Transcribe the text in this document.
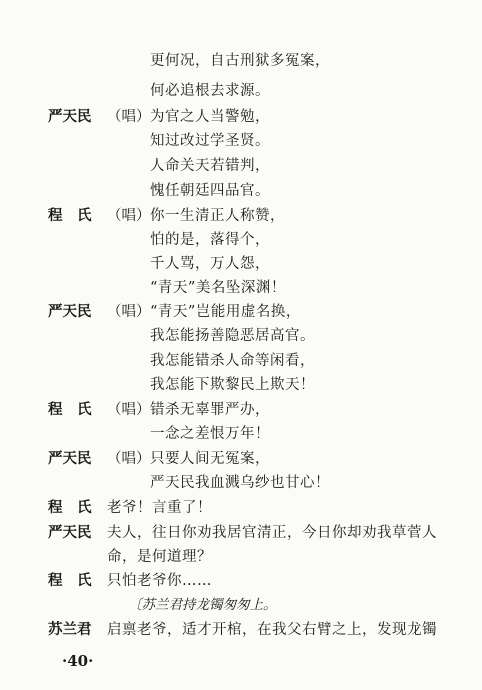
更何况，自古刑狱多冤案，
何必追根去求源。
严天民 （唱） 为官之人当警勉，
知过改过学圣贤。
人命关天若错判，
愧任朝廷四品官。
程　氏 （唱） 你一生清正人称赞，
怕的是，落得个，
千人骂，万人怨，
“青天”美名坠深渊！
严天民 （唱） “青天”岂能用虚名换，
我怎能扬善隐恶居高官。
我怎能错杀人命等闲看，
我怎能下欺黎民上欺天！
程　氏 （唱） 错杀无辜罪严办，
一念之差恨万年！
严天民 （唱） 只要人间无冤案，
严天民我血溅乌纱也甘心！
程　氏 老爷！言重了！
严天民 夫人，往日你劝我居官清正，今日你却劝我草菅人
命，是何道理？
程　氏 只怕老爷你……
〔苏兰君持龙镯匆匆上。
苏兰君 启禀老爷，适才开棺，在我父右臂之上，发现龙镯
·40·
